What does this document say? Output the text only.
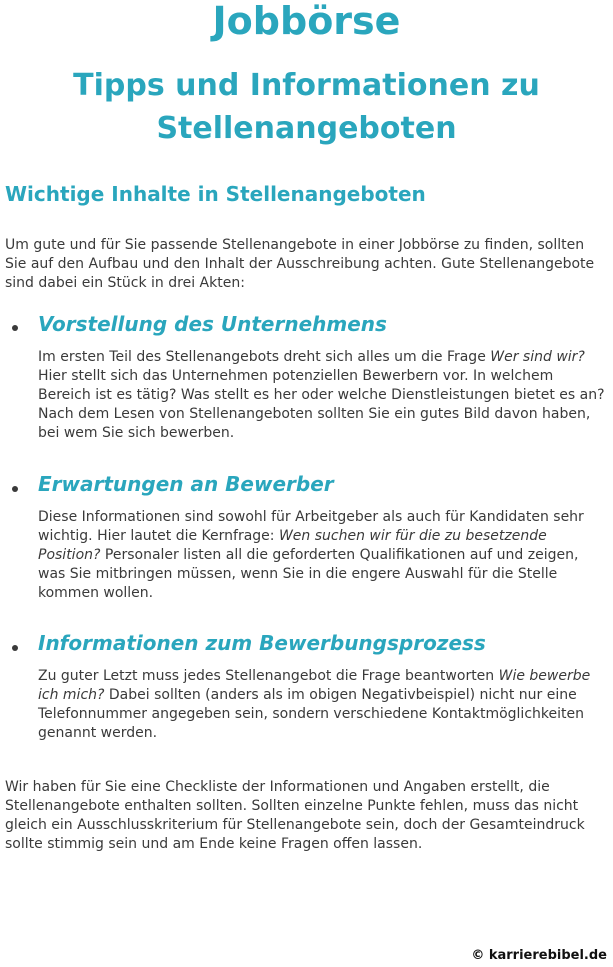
Jobbörse
Tipps und Informationen zu
Stellenangeboten
Wichtige Inhalte in Stellenangeboten

Um gute und für Sie passende Stellenangebote in einer Jobbörse zu finden, sollten Sie auf den Aufbau und den Inhalt der Ausschreibung achten. Gute Stellenangebote sind dabei ein Stück in drei Akten:

Vorstellung des Unternehmens

Im ersten Teil des Stellenangebots dreht sich alles um die Frage Wer sind wir? Hier stellt sich das Unternehmen potenziellen Bewerbern vor. In welchem Bereich ist es tätig? Was stellt es her oder welche Dienstleistungen bietet es an? Nach dem Lesen von Stellenangeboten sollten Sie ein gutes Bild davon haben, bei wem Sie sich bewerben.

Erwartungen an Bewerber

Diese Informationen sind sowohl für Arbeitgeber als auch für Kandidaten sehr wichtig. Hier lautet die Kernfrage: Wen suchen wir für die zu besetzende Position? Personaler listen all die geforderten Qualifikationen auf und zeigen, was Sie mitbringen müssen, wenn Sie in die engere Auswahl für die Stelle kommen wollen.

Informationen zum Bewerbungsprozess

Zu guter Letzt muss jedes Stellenangebot die Frage beantworten Wie bewerbe ich mich? Dabei sollten (anders als im obigen Negativbeispiel) nicht nur eine Telefonnummer angegeben sein, sondern verschiedene Kontaktmöglichkeiten genannt werden.

Wir haben für Sie eine Checkliste der Informationen und Angaben erstellt, die Stellenangebote enthalten sollten. Sollten einzelne Punkte fehlen, muss das nicht gleich ein Ausschlusskriterium für Stellenangebote sein, doch der Gesamteindruck sollte stimmig sein und am Ende keine Fragen offen lassen.

© karrierebibel.de
